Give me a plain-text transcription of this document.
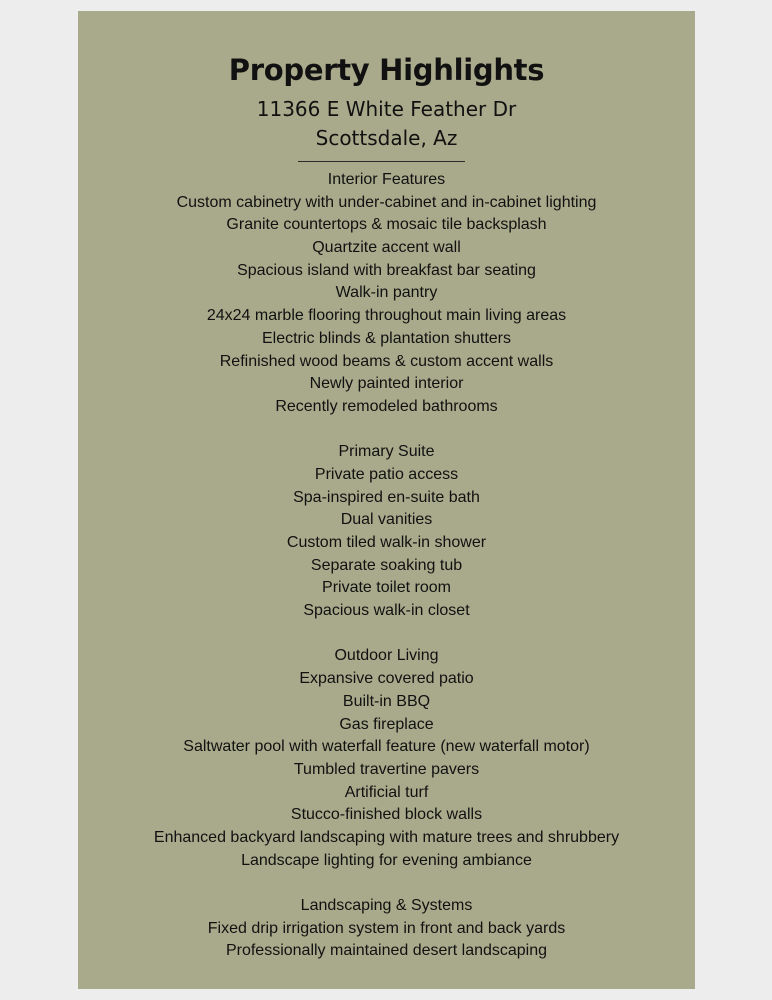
Property Highlights
11366 E White Feather Dr
Scottsdale, Az
Interior Features
Custom cabinetry with under-cabinet and in-cabinet lighting
Granite countertops & mosaic tile backsplash
Quartzite accent wall
Spacious island with breakfast bar seating
Walk-in pantry
24x24 marble flooring throughout main living areas
Electric blinds & plantation shutters
Refinished wood beams & custom accent walls
Newly painted interior
Recently remodeled bathrooms
Primary Suite
Private patio access
Spa-inspired en-suite bath
Dual vanities
Custom tiled walk-in shower
Separate soaking tub
Private toilet room
Spacious walk-in closet
Outdoor Living
Expansive covered patio
Built-in BBQ
Gas fireplace
Saltwater pool with waterfall feature (new waterfall motor)
Tumbled travertine pavers
Artificial turf
Stucco-finished block walls
Enhanced backyard landscaping with mature trees and shrubbery
Landscape lighting for evening ambiance
Landscaping & Systems
Fixed drip irrigation system in front and back yards
Professionally maintained desert landscaping
